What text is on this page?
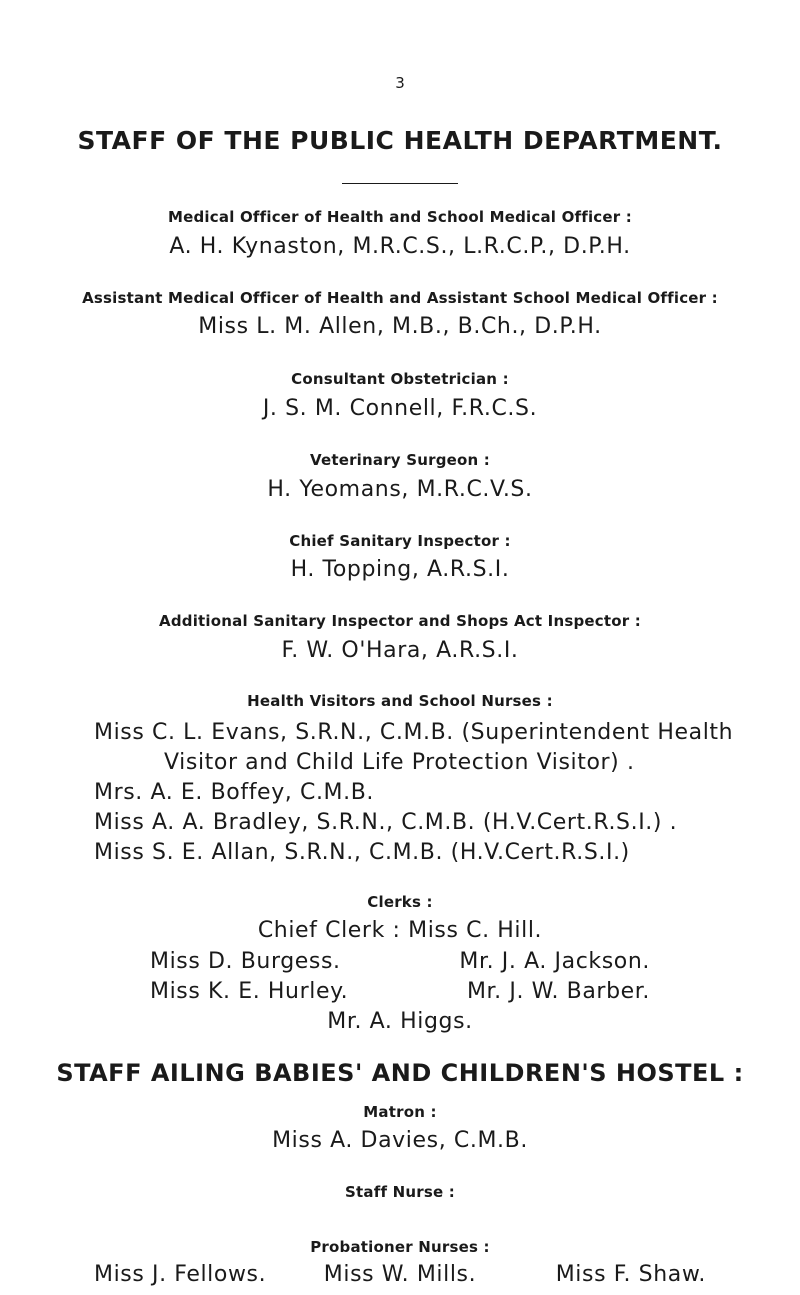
3
STAFF OF THE PUBLIC HEALTH DEPARTMENT.
Medical Officer of Health and School Medical Officer :
A. H. Kynaston, M.R.C.S., L.R.C.P., D.P.H.
Assistant Medical Officer of Health and Assistant School Medical Officer :
Miss L. M. Allen, M.B., B.Ch., D.P.H.
Consultant Obstetrician :
J. S. M. Connell, F.R.C.S.
Veterinary Surgeon :
H. Yeomans, M.R.C.V.S.
Chief Sanitary Inspector :
H. Topping, A.R.S.I.
Additional Sanitary Inspector and Shops Act Inspector :
F. W. O'Hara, A.R.S.I.
Health Visitors and School Nurses :
Miss C. L. Evans, S.R.N., C.M.B. (Superintendent Health
Visitor and Child Life Protection Visitor) .
Mrs. A. E. Boffey, C.M.B.
Miss A. A. Bradley, S.R.N., C.M.B. (H.V.Cert.R.S.I.) .
Miss S. E. Allan, S.R.N., C.M.B. (H.V.Cert.R.S.I.)
Clerks :
Chief Clerk : Miss C. Hill.
Miss D. Burgess.	Mr. J. A. Jackson.
Miss K. E. Hurley.	Mr. J. W. Barber.
Mr. A. Higgs.
STAFF AILING BABIES' AND CHILDREN'S HOSTEL :
Matron :
Miss A. Davies, C.M.B.
Staff Nurse :
Probationer Nurses :
Miss J. Fellows.	Miss W. Mills.	Miss F. Shaw.
